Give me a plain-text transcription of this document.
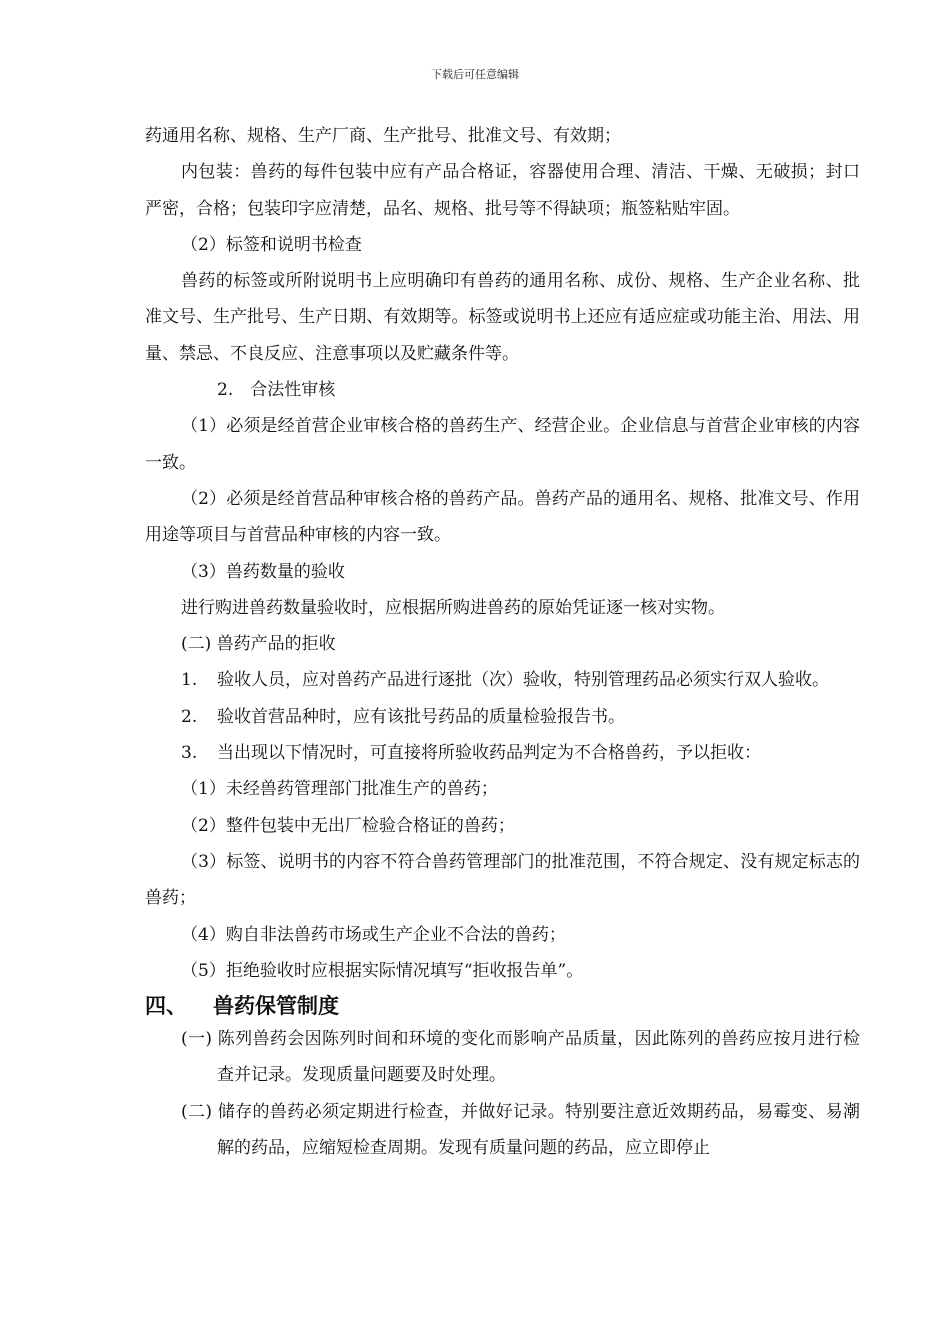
下载后可任意编辑

药通用名称、规格、生产厂商、生产批号、批准文号、有效期；

内包装：兽药的每件包装中应有产品合格证，容器使用合理、清洁、干燥、无破损；封口严密，合格；包装印字应清楚，品名、规格、批号等不得缺项；瓶签粘贴牢固。

（2）标签和说明书检查

兽药的标签或所附说明书上应明确印有兽药的通用名称、成份、规格、生产企业名称、批准文号、生产批号、生产日期、有效期等。标签或说明书上还应有适应症或功能主治、用法、用量、禁忌、不良反应、注意事项以及贮藏条件等。

2.　合法性审核

（1）必须是经首营企业审核合格的兽药生产、经营企业。企业信息与首营企业审核的内容一致。

（2）必须是经首营品种审核合格的兽药产品。兽药产品的通用名、规格、批准文号、作用用途等项目与首营品种审核的内容一致。

（3）兽药数量的验收

进行购进兽药数量验收时，应根据所购进兽药的原始凭证逐一核对实物。

(二) 兽药产品的拒收

1. 验收人员，应对兽药产品进行逐批（次）验收，特别管理药品必须实行双人验收。

2. 验收首营品种时，应有该批号药品的质量检验报告书。

3. 当出现以下情况时，可直接将所验收药品判定为不合格兽药，予以拒收：

（1）未经兽药管理部门批准生产的兽药；

（2）整件包装中无出厂检验合格证的兽药；

（3）标签、说明书的内容不符合兽药管理部门的批准范围，不符合规定、没有规定标志的兽药；

（4）购自非法兽药市场或生产企业不合法的兽药；

（5）拒绝验收时应根据实际情况填写“拒收报告单”。

四、 兽药保管制度

(一) 陈列兽药会因陈列时间和环境的变化而影响产品质量，因此陈列的兽药应按月进行检查并记录。发现质量问题要及时处理。

(二) 储存的兽药必须定期进行检查，并做好记录。特别要注意近效期药品，易霉变、易潮解的药品，应缩短检查周期。发现有质量问题的药品，应立即停止
